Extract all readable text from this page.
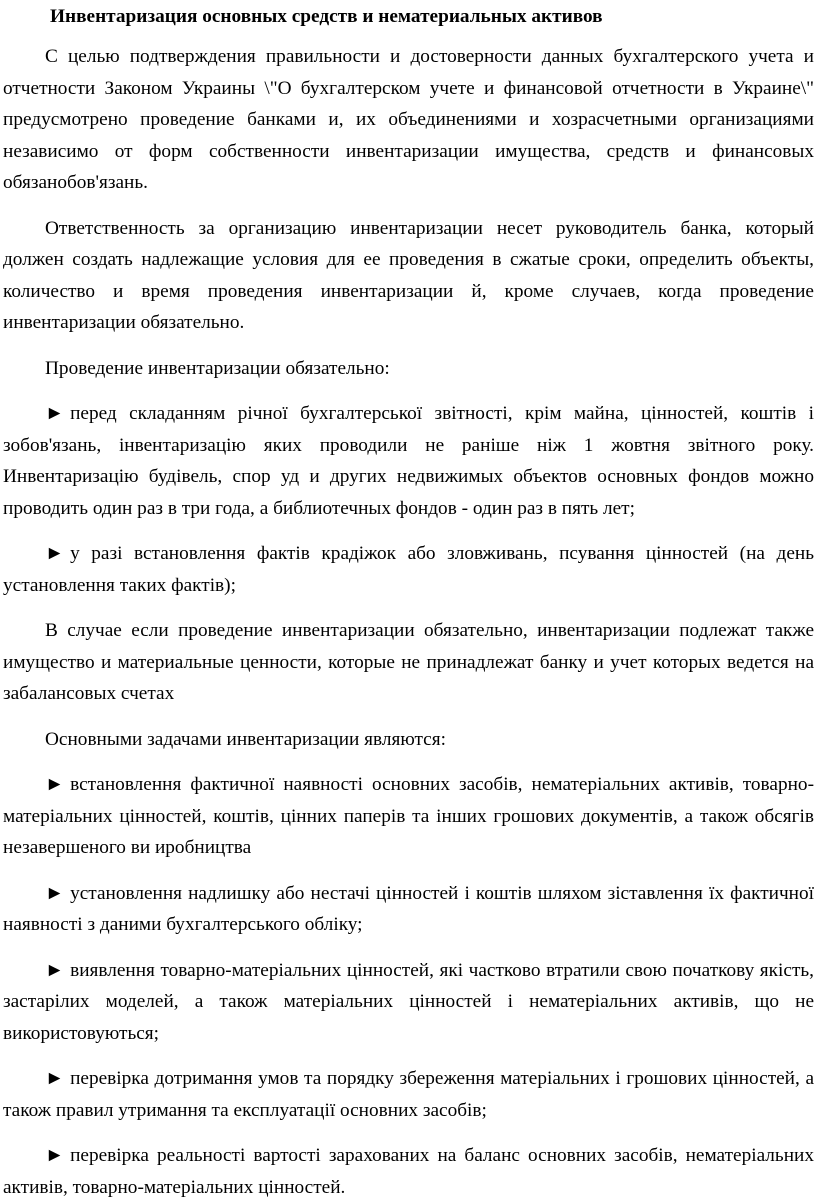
Инвентаризация основных средств и нематериальных активов

С целью подтверждения правильности и достоверности данных бухгалтерского учета и отчетности Законом Украины \"О бухгалтерском учете и финансовой отчетности в Украине\" предусмотрено проведение банками и, их объединениями и хозрасчетными организациями независимо от форм собственности инвентаризации имущества, средств и финансовых обязанобов'язань.

Ответственность за организацию инвентаризации несет руководитель банка, который должен создать надлежащие условия для ее проведения в сжатые сроки, определить объекты, количество и время проведения инвентаризации й, кроме случаев, когда проведение инвентаризации обязательно.

Проведение инвентаризации обязательно:

► перед складанням річної бухгалтерської звітності, крім майна, цінностей, коштів і зобов'язань, інвентаризацію яких проводили не раніше ніж 1 жовтня звітного року. Инвентаризацію будівель, спор уд и других недвижимых объектов основных фондов можно проводить один раз в три года, а библиотечных фондов - один раз в пять лет;

► у разі встановлення фактів крадіжок або зловживань, псування цінностей (на день установлення таких фактів);

В случае если проведение инвентаризации обязательно, инвентаризации подлежат также имущество и материальные ценности, которые не принадлежат банку и учет которых ведется на забалансовых счетах

Основными задачами инвентаризации являются:

► встановлення фактичної наявності основних засобів, нематеріальних активів, товарно-матеріальних цінностей, коштів, цінних паперів та інших грошових документів, а також обсягів незавершеного ви иробництва

► установлення надлишку або нестачі цінностей і коштів шляхом зіставлення їх фактичної наявності з даними бухгалтерського обліку;

► виявлення товарно-матеріальних цінностей, які частково втратили свою початкову якість, застарілих моделей, а також матеріальних цінностей і нематеріальних активів, що не використовуються;

► перевірка дотримання умов та порядку збереження матеріальних і грошових цінностей, а також правил утримання та експлуатації основних засобів;

► перевірка реальності вартості зарахованих на баланс основних засобів, нематеріальних активів, товарно-матеріальних цінностей.
